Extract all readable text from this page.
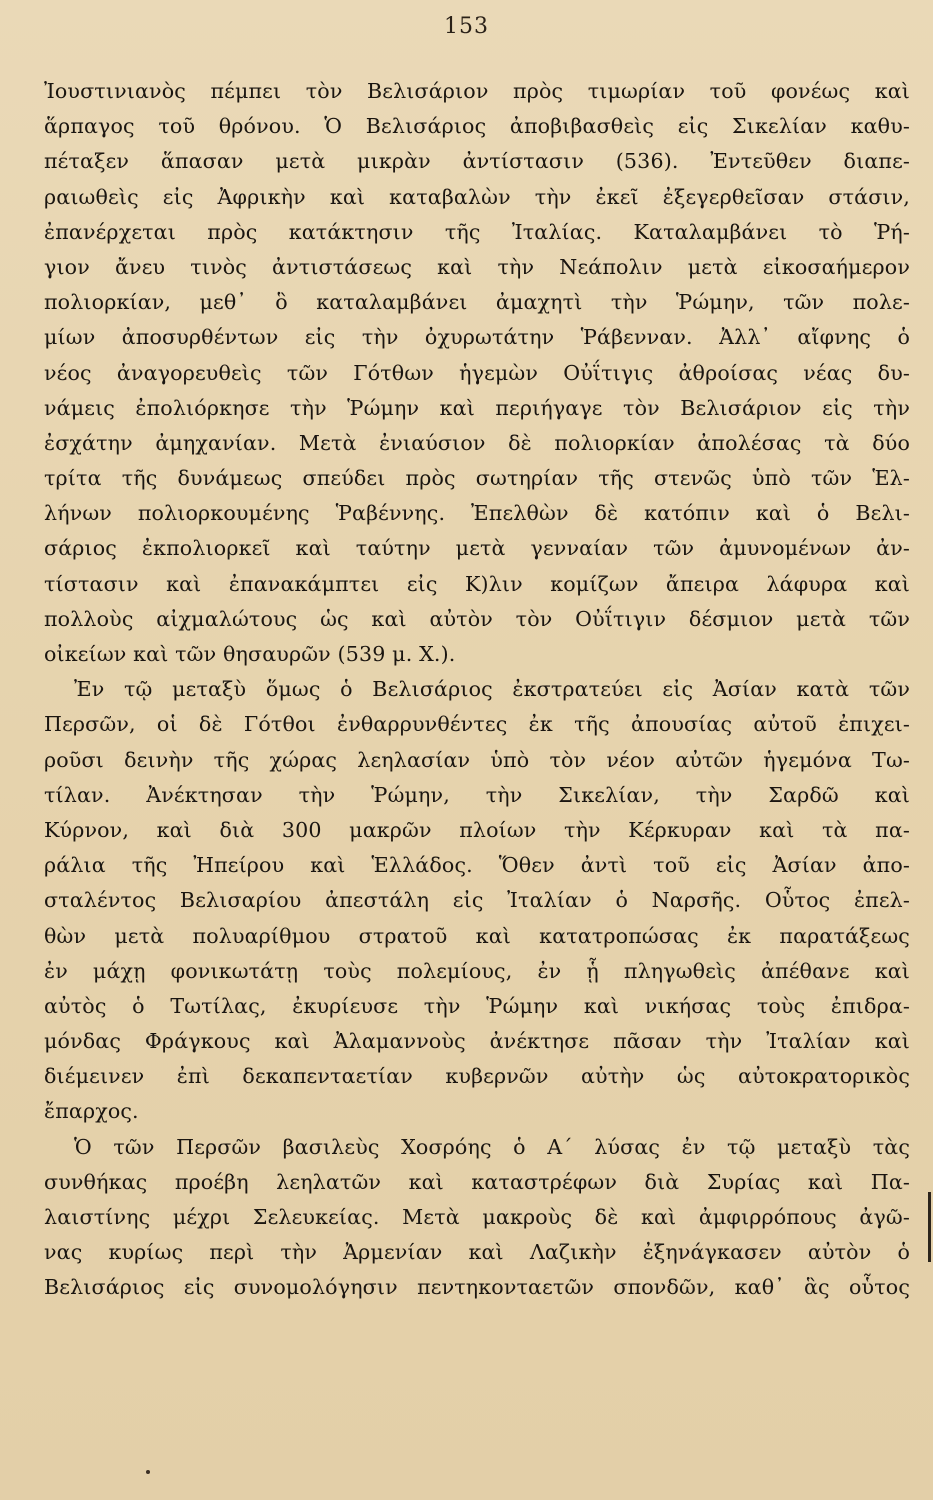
153
Ἰουστινιανὸς πέμπει τὸν Βελισάριον πρὸς τιμωρίαν τοῦ φονέως καὶ
ἅρπαγος τοῦ θρόνου. Ὁ Βελισάριος ἀποβιβασθεὶς εἰς Σικελίαν καθυ-
πέταξεν ἅπασαν μετὰ μικρὰν ἀντίστασιν (536). Ἐντεῦθεν διαπε-
ραιωθεὶς εἰς Ἀφρικὴν καὶ καταβαλὼν τὴν ἐκεῖ ἐξεγερθεῖσαν στάσιν,
ἐπανέρχεται πρὸς κατάκτησιν τῆς Ἰταλίας. Καταλαμβάνει τὸ Ῥή-
γιον ἄνευ τινὸς ἀντιστάσεως καὶ τὴν Νεάπολιν μετὰ εἰκοσαήμερον
πολιορκίαν, μεθ᾽ ὃ καταλαμβάνει ἀμαχητὶ τὴν Ῥώμην, τῶν πολε-
μίων ἀποσυρθέντων εἰς τὴν ὀχυρωτάτην Ῥάβενναν. Ἀλλ᾽ αἴφνης ὁ
νέος ἀναγορευθεὶς τῶν Γότθων ἡγεμὼν Οὐΐτιγις ἀθροίσας νέας δυ-
νάμεις ἐπολιόρκησε τὴν Ῥώμην καὶ περιήγαγε τὸν Βελισάριον εἰς τὴν
ἐσχάτην ἀμηχανίαν. Μετὰ ἐνιαύσιον δὲ πολιορκίαν ἀπολέσας τὰ δύο
τρίτα τῆς δυνάμεως σπεύδει πρὸς σωτηρίαν τῆς στενῶς ὑπὸ τῶν Ἑλ-
λήνων πολιορκουμένης Ῥαβέννης. Ἐπελθὼν δὲ κατόπιν καὶ ὁ Βελι-
σάριος ἐκπολιορκεῖ καὶ ταύτην μετὰ γενναίαν τῶν ἀμυνομένων ἀν-
τίστασιν καὶ ἐπανακάμπτει εἰς Κ)λιν κομίζων ἄπειρα λάφυρα καὶ
πολλοὺς αἰχμαλώτους ὡς καὶ αὐτὸν τὸν Οὐΐτιγιν δέσμιον μετὰ τῶν
οἰκείων καὶ τῶν θησαυρῶν (539 μ. Χ.).
Ἐν τῷ μεταξὺ ὅμως ὁ Βελισάριος ἐκστρατεύει εἰς Ἀσίαν κατὰ τῶν
Περσῶν, οἱ δὲ Γότθοι ἐνθαρρυνθέντες ἐκ τῆς ἀπουσίας αὐτοῦ ἐπιχει-
ροῦσι δεινὴν τῆς χώρας λεηλασίαν ὑπὸ τὸν νέον αὐτῶν ἡγεμόνα Τω-
τίλαν. Ἀνέκτησαν τὴν Ῥώμην, τὴν Σικελίαν, τὴν Σαρδῶ καὶ
Κύρνον, καὶ διὰ 300 μακρῶν πλοίων τὴν Κέρκυραν καὶ τὰ πα-
ράλια τῆς Ἠπείρου καὶ Ἑλλάδος. Ὅθεν ἀντὶ τοῦ εἰς Ἀσίαν ἀπο-
σταλέντος Βελισαρίου ἀπεστάλη εἰς Ἰταλίαν ὁ Ναρσῆς. Οὗτος ἐπελ-
θὼν μετὰ πολυαρίθμου στρατοῦ καὶ κατατροπώσας ἐκ παρατάξεως
ἐν μάχῃ φονικωτάτῃ τοὺς πολεμίους, ἐν ᾗ πληγωθεὶς ἀπέθανε καὶ
αὐτὸς ὁ Τωτίλας, ἐκυρίευσε τὴν Ῥώμην καὶ νικήσας τοὺς ἐπιδρα-
μόνδας Φράγκους καὶ Ἀλαμαννοὺς ἀνέκτησε πᾶσαν τὴν Ἰταλίαν καὶ
διέμεινεν ἐπὶ δεκαπενταετίαν κυβερνῶν αὐτὴν ὡς αὐτοκρατορικὸς
ἔπαρχος.
Ὁ τῶν Περσῶν βασιλεὺς Χοσρόης ὁ Α´ λύσας ἐν τῷ μεταξὺ τὰς
συνθήκας προέβη λεηλατῶν καὶ καταστρέφων διὰ Συρίας καὶ Πα-
λαιστίνης μέχρι Σελευκείας. Μετὰ μακροὺς δὲ καὶ ἀμφιρρόπους ἀγῶ-
νας κυρίως περὶ τὴν Ἀρμενίαν καὶ Λαζικὴν ἐξηνάγκασεν αὐτὸν ὁ
Βελισάριος εἰς συνομολόγησιν πεντηκονταετῶν σπονδῶν, καθ᾽ ἃς οὗτος
